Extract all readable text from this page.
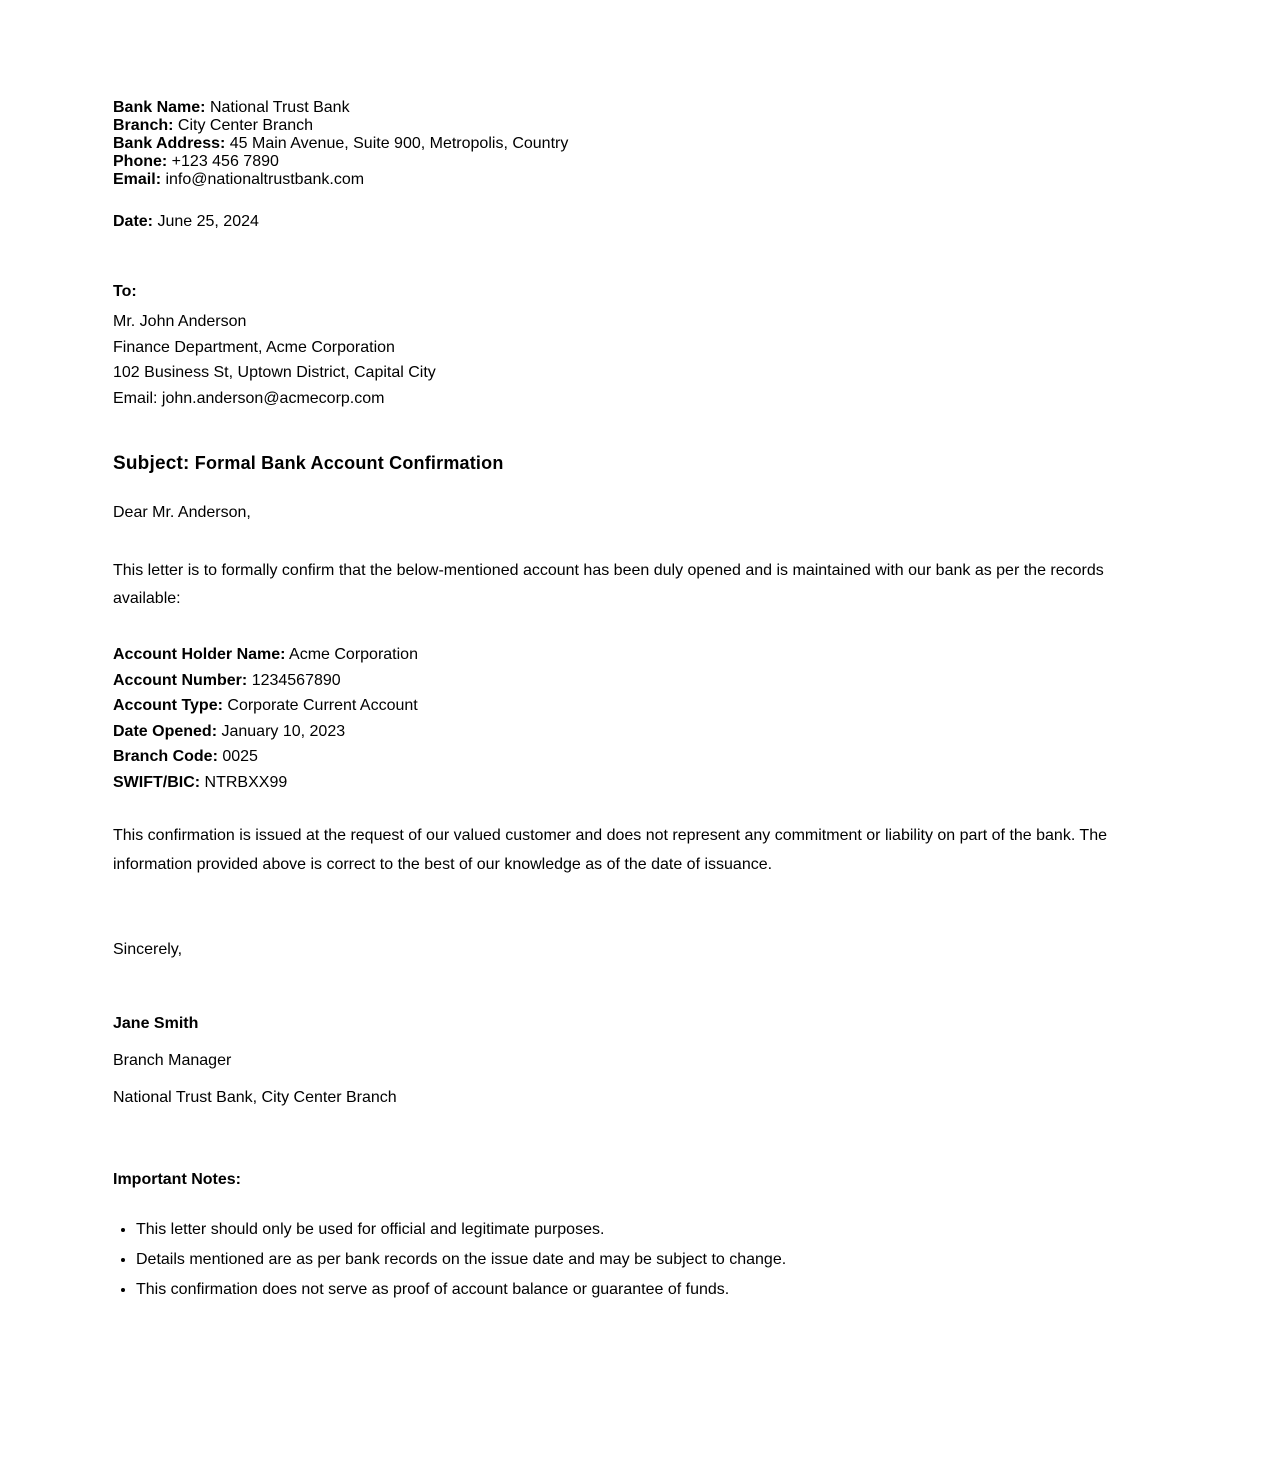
Bank Name: National Trust Bank
Branch: City Center Branch
Bank Address: 45 Main Avenue, Suite 900, Metropolis, Country
Phone: +123 456 7890
Email: info@nationaltrustbank.com
Date: June 25, 2024
To:
Mr. John Anderson
Finance Department, Acme Corporation
102 Business St, Uptown District, Capital City
Email: john.anderson@acmecorp.com
Subject: Formal Bank Account Confirmation
Dear Mr. Anderson,
This letter is to formally confirm that the below-mentioned account has been duly opened and is maintained with our bank as per the records available:
Account Holder Name: Acme Corporation
Account Number: 1234567890
Account Type: Corporate Current Account
Date Opened: January 10, 2023
Branch Code: 0025
SWIFT/BIC: NTRBXX99
This confirmation is issued at the request of our valued customer and does not represent any commitment or liability on part of the bank. The information provided above is correct to the best of our knowledge as of the date of issuance.
Sincerely,
Jane Smith
Branch Manager
National Trust Bank, City Center Branch
Important Notes:
• This letter should only be used for official and legitimate purposes.
• Details mentioned are as per bank records on the issue date and may be subject to change.
• This confirmation does not serve as proof of account balance or guarantee of funds.
